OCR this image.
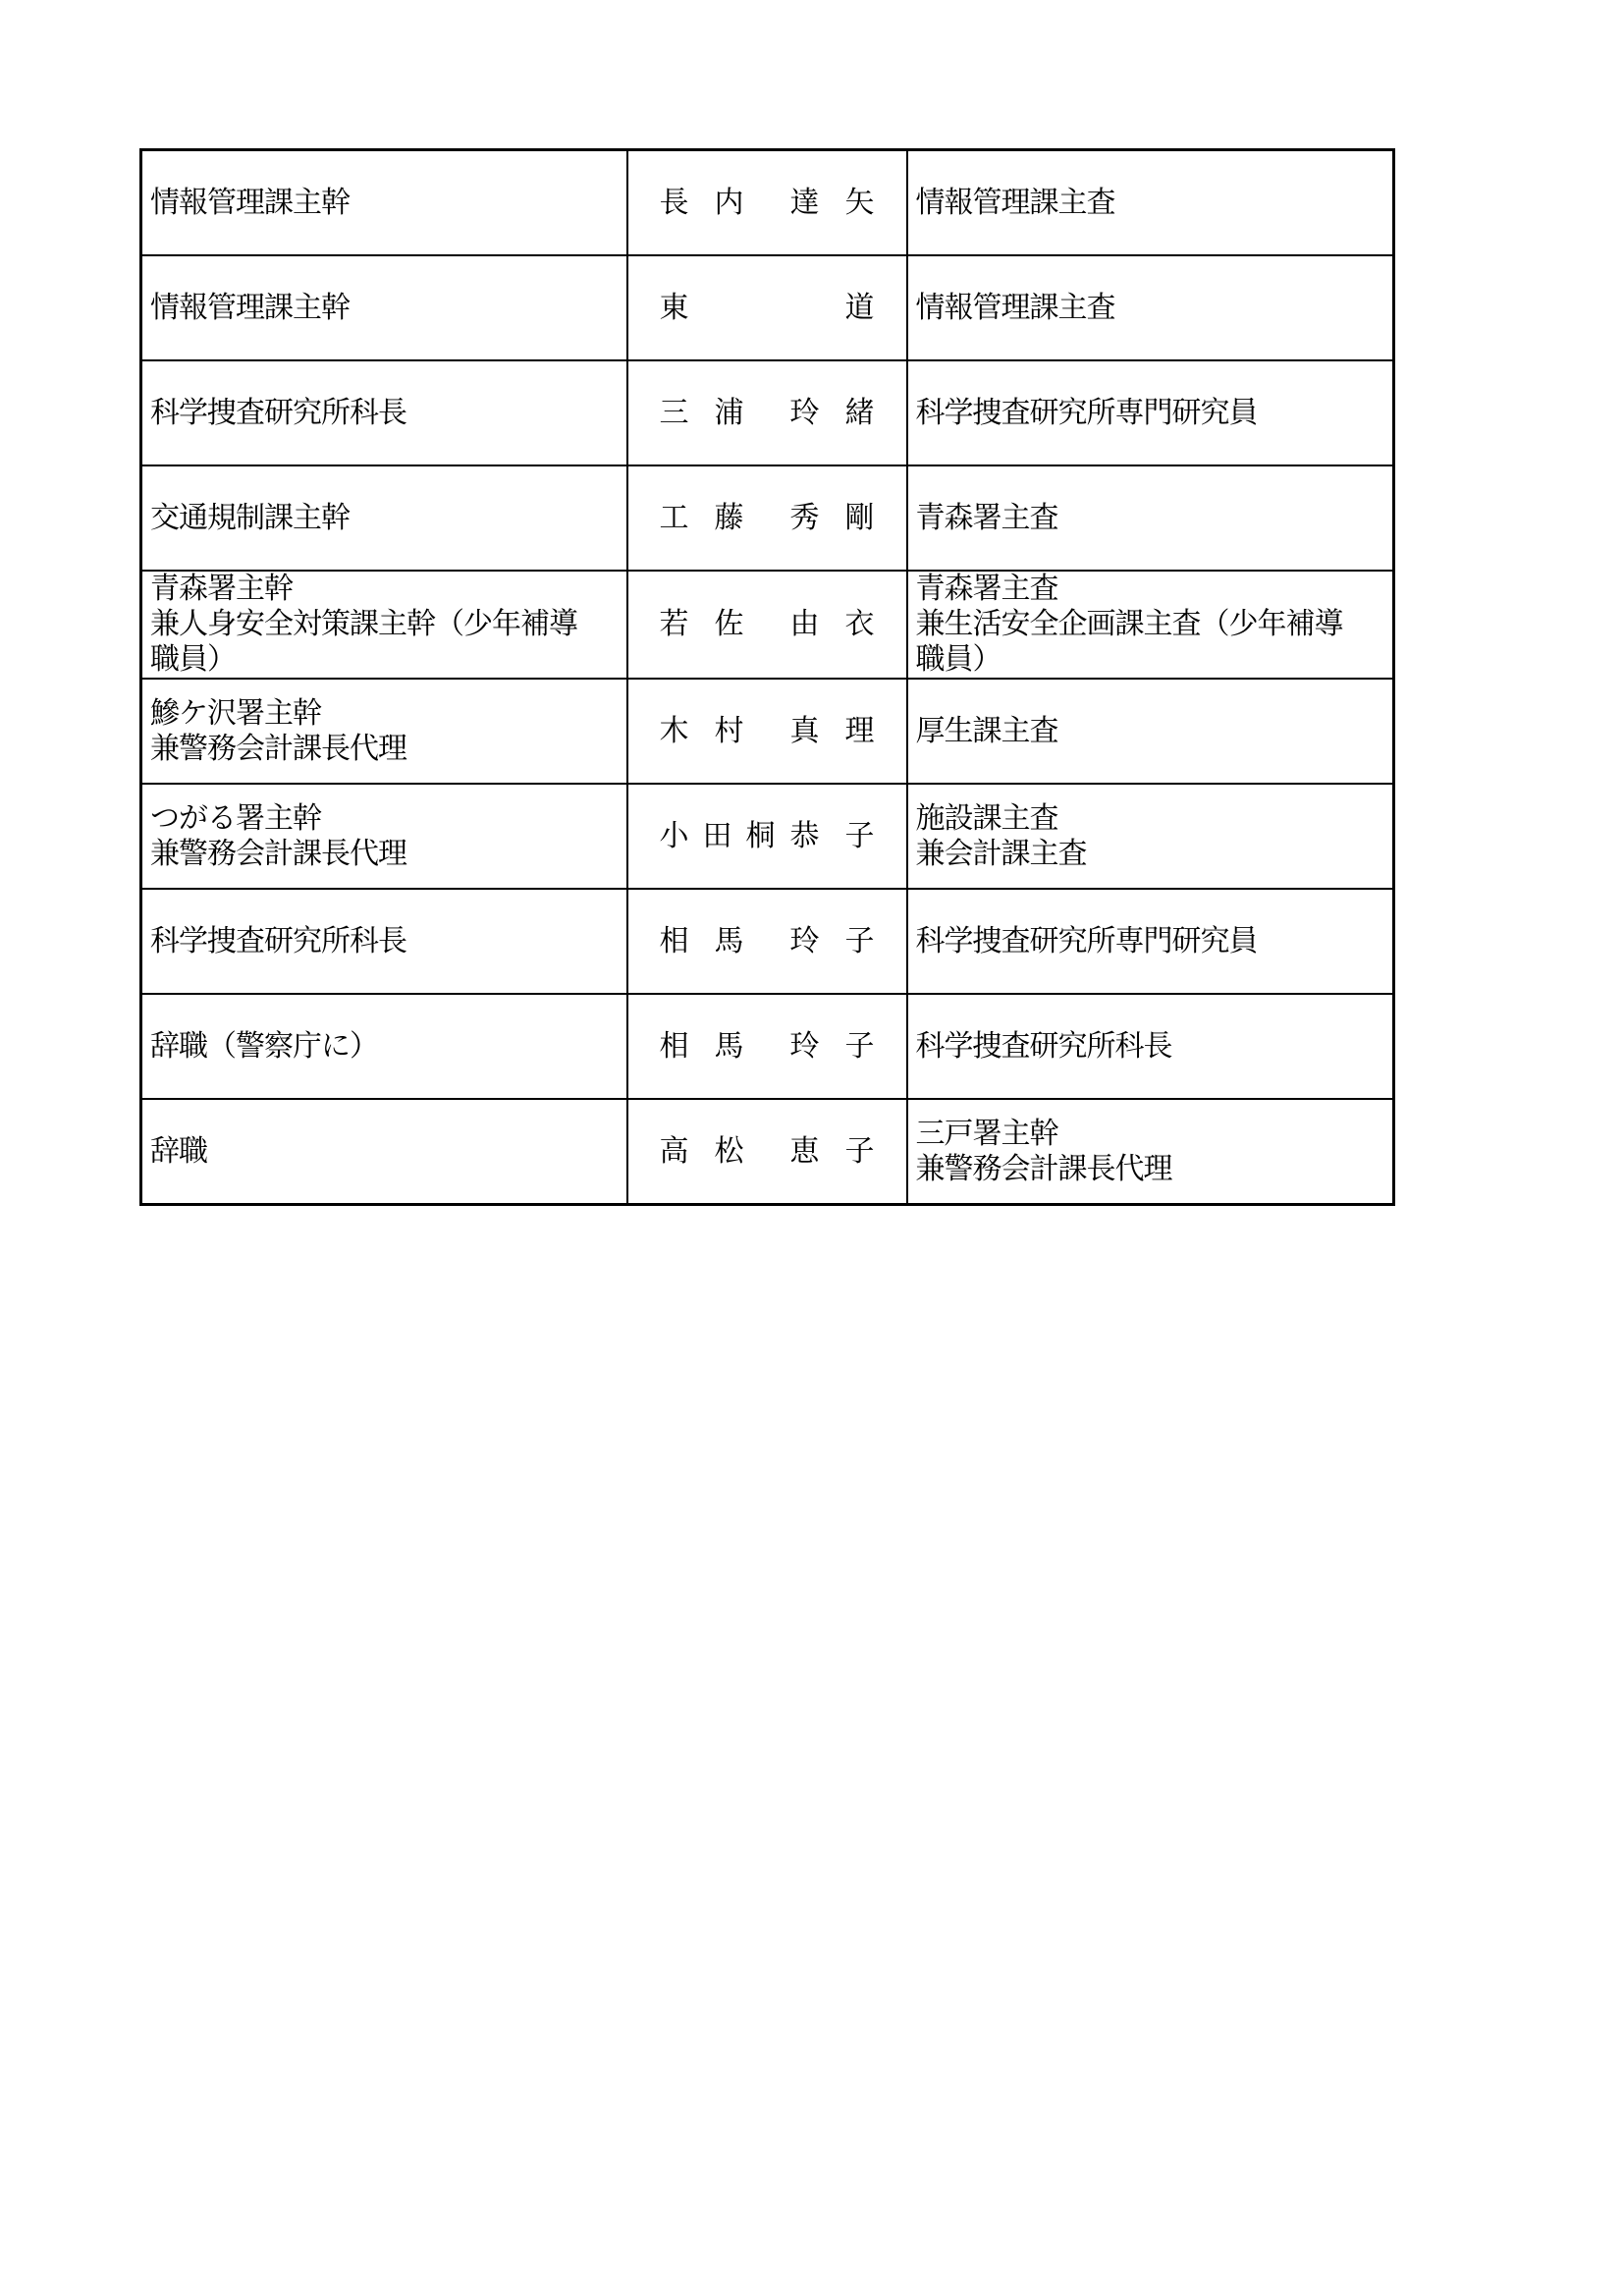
情報管理課主幹	長 内 達 矢	情報管理課主査

情報管理課主幹	東 道	情報管理課主査

科学捜査研究所科長	三 浦 玲 緒	科学捜査研究所専門研究員

交通規制課主幹	工 藤 秀 剛	青森署主査

青森署主幹
兼人身安全対策課主幹（少年補導
職員）	若 佐 由 衣	青森署主査
兼生活安全企画課主査（少年補導
職員）

鰺ケ沢署主幹
兼警務会計課長代理	木 村 真 理	厚生課主査

つがる署主幹
兼警務会計課長代理	小 田 桐 恭 子	施設課主査
兼会計課主査

科学捜査研究所科長	相 馬 玲 子	科学捜査研究所専門研究員

辞職（警察庁に）	相 馬 玲 子	科学捜査研究所科長

辞職	高 松 恵 子	三戸署主幹
兼警務会計課長代理
